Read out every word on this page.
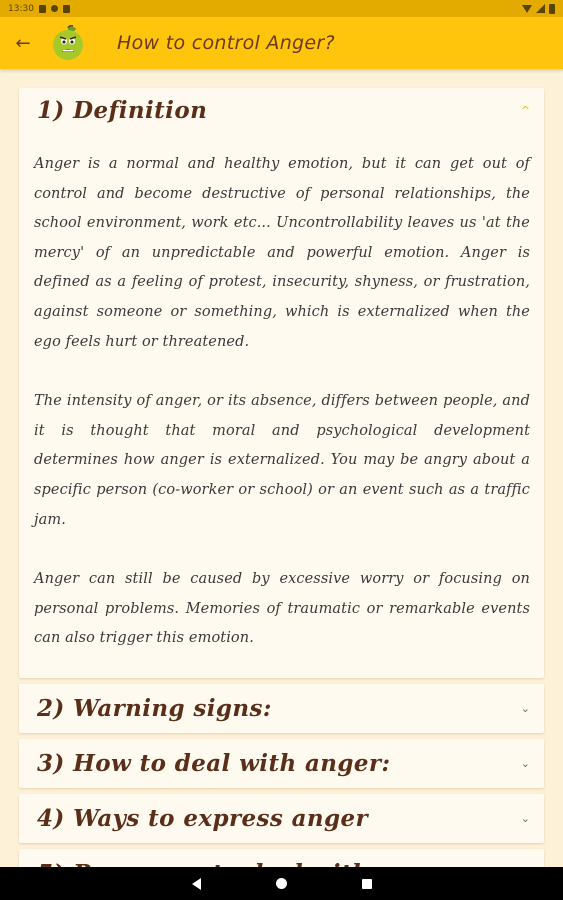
13:30
←	How to control Anger?
1) Definition	^

Anger is a normal and healthy emotion, but it can get out of control and become destructive of personal relationships, the school environment, work etc... Uncontrollability leaves us 'at the mercy' of an unpredictable and powerful emotion. Anger is defined as a feeling of protest, insecurity, shyness, or frustration, against someone or something, which is externalized when the ego feels hurt or threatened.

The intensity of anger, or its absence, differs between people, and it is thought that moral and psychological development determines how anger is externalized. You may be angry about a specific person (co-worker or school) or an event such as a traffic jam.

Anger can still be caused by excessive worry or focusing on personal problems. Memories of traumatic or remarkable events can also trigger this emotion.

2) Warning signs:	⌄
3) How to deal with anger:	⌄
4) Ways to express anger	⌄
